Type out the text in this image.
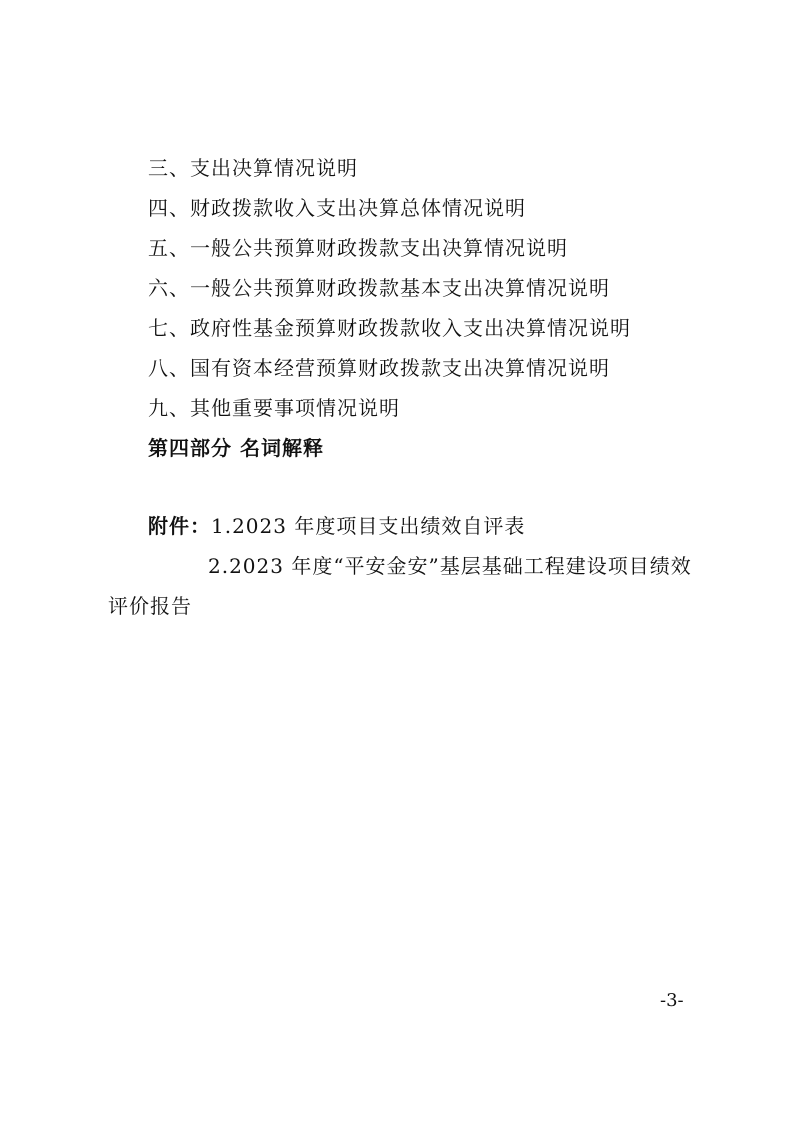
三、支出决算情况说明
四、财政拨款收入支出决算总体情况说明
五、一般公共预算财政拨款支出决算情况说明
六、一般公共预算财政拨款基本支出决算情况说明
七、政府性基金预算财政拨款收入支出决算情况说明
八、国有资本经营预算财政拨款支出决算情况说明
九、其他重要事项情况说明
第四部分 名词解释
附件：1.2023 年度项目支出绩效自评表
2.2023 年度“平安金安”基层基础工程建设项目绩效
评价报告
-3-
